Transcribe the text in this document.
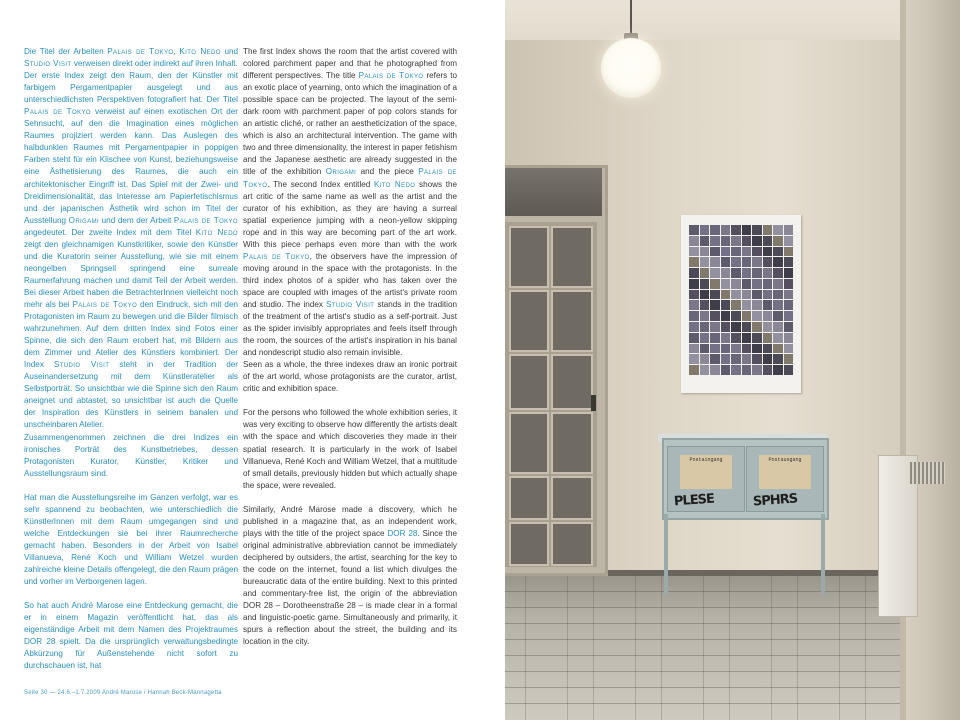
Die Titel der Arbeiten Palais de Tokyo, Kito Nedo und Studio Visit verweisen direkt oder indirekt auf ihren Inhalt.

Der erste Index zeigt den Raum, den der Künstler mit farbigem Pergamentpapier ausgelegt und aus unterschiedlichsten Perspektiven fotografiert hat. Der Titel Palais de Tokyo verweist auf einen exotischen Ort der Sehnsucht, auf den die Imagination eines möglichen Raumes projiziert werden kann. Das Auslegen des halbdunklen Raumes mit Pergamentpapier in poppigen Farben steht für ein Klischee von Kunst, beziehungsweise eine Ästhetisierung des Raumes, die auch ein architektonischer Eingriff ist. Das Spiel mit der Zwei- und Dreidimensionalität, das Interesse am Papierfetischismus und der japanischen Ästhetik wird schon im Titel der Ausstellung Origami und dem der Arbeit Palais de Tokyo angedeutet. Der zweite Index mit dem Titel Kito Nedo zeigt den gleichnamigen Kunstkritiker, sowie den Künstler und die Kuratorin seiner Ausstellung, wie sie mit einem neongelben Springseil springend eine surreale Raumerfahrung machen und damit Teil der Arbeit werden. Bei dieser Arbeit haben die BetrachterInnen vielleicht noch mehr als bei Palais de Tokyo den Eindruck, sich mit den Protagonisten im Raum zu bewegen und die Bilder filmisch wahrzunehmen. Auf dem dritten Index sind Fotos einer Spinne, die sich den Raum erobert hat, mit Bildern aus dem Zimmer und Atelier des Künstlers kombiniert. Der Index Studio Visit steht in der Tradition der Auseinandersetzung mit dem Künstleratelier als Selbstporträt. So unsichtbar wie die Spinne sich den Raum aneignet und abtastet, so unsichtbar ist auch die Quelle der Inspiration des Künstlers in seinem banalen und unscheinbaren Atelier.

Zusammengenommen zeichnen die drei Indizes ein ironisches Porträt des Kunstbetriebes, dessen Protagonisten Kurator, Künstler, Kritiker und Ausstellungsraum sind.

Hat man die Ausstellungsreihe im Ganzen verfolgt, war es sehr spannend zu beobachten, wie unterschiedlich die KünstlerInnen mit dem Raum umgegangen sind und welche Entdeckungen sie bei ihrer Raumrecherche gemacht haben. Besonders in der Arbeit von Isabel Villanueva, René Koch und William Wetzel wurden zahlreiche kleine Details offengelegt, die den Raum prägen und vorher im Verborgenen lagen.

So hat auch André Marose eine Entdeckung gemacht, die er in einem Magazin veröffentlicht hat, das als eigenständige Arbeit mit dem Namen des Projektraumes DOR 28 spielt. Da die ursprünglich verwaltungsbedingte Abkürzung für Außenstehende nicht sofort zu durchschauen ist, hat

The first Index shows the room that the artist covered with colored parchment paper and that he photographed from different perspectives. The title Palais de Tokyo refers to an exotic place of yearning, onto which the imagination of a possible space can be projected. The layout of the semi-dark room with parchment paper of pop colors stands for an artistic cliché, or rather an aestheticization of the space, which is also an architectural intervention. The game with two and three dimensionality, the interest in paper fetishism and the Japanese aesthetic are already suggested in the title of the exhibition Origami and the piece Palais de Tokyo. The second Index entitled Kito Nedo shows the art critic of the same name as well as the artist and the curator of his exhibition, as they are having a surreal spatial experience jumping with a neon-yellow skipping rope and in this way are becoming part of the art work. With this piece perhaps even more than with the work Palais de Tokyo, the observers have the impression of moving around in the space with the protagonists. In the third index photos of a spider who has taken over the space are coupled with images of the artist's private room and studio. The index Studio Visit stands in the tradition of the treatment of the artist's studio as a self-portrait. Just as the spider invisibly appropriates and feels itself through the room, the sources of the artist's inspiration in his banal and nondescript studio also remain invisible.

Seen as a whole, the three indexes draw an ironic portrait of the art world, whose protagonists are the curator, artist, critic and exhibition space.

For the persons who followed the whole exhibition series, it was very exciting to observe how differently the artists dealt with the space and which discoveries they made in their spatial research. It is particularly in the work of Isabel Villanueva, René Koch and William Wetzel, that a multitude of small details, previously hidden but which actually shape the space, were revealed.

Similarly, André Marose made a discovery, which he published in a magazine that, as an independent work, plays with the title of the project space DOR 28. Since the original administrative abbreviation cannot be immediately deciphered by outsiders, the artist, searching for the key to the code on the internet, found a list which divulges the bureaucratic data of the entire building. Next to this printed and commentary-free list, the origin of the abbreviation DOR 28 – Dorotheenstraße 28 – is made clear in a formal and linguistic-poetic game. Simultaneously and primarily, it spurs a reflection about the street, the building and its location in the city.

Seite 30 — 24.6.–1.7.2009 André Marose / Hannah Beck-Mannagetta
Postaingang
PLESE
Postausgang
SPHRS
